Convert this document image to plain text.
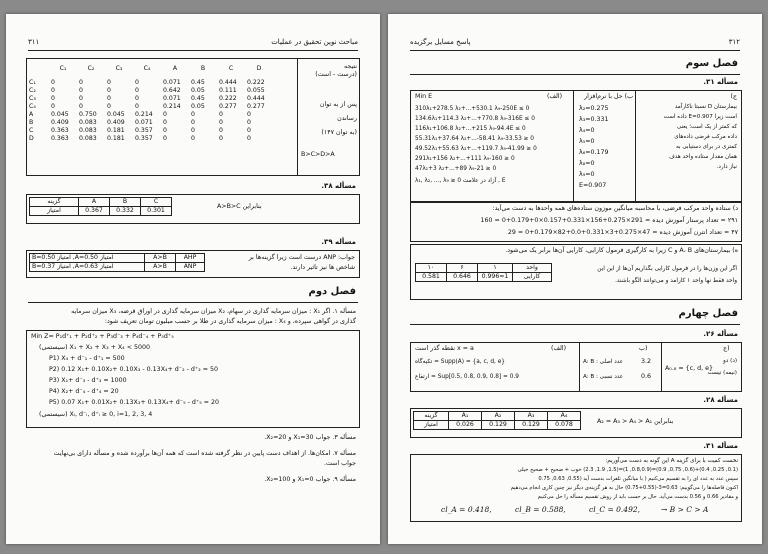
۳۱۱	مباحث نوین تحقیق در عملیات
	C₁	C₂	C₃	C₄	A	B	C	D

C₁	0	0	0	0	0.071	0.45	0.444	0.222
C₂	0	0	0	0	0.642	0.05	0.111	0.055
C₃	0	0	0	0	0.071	0.45	0.222	0.444
C₄	0	0	0	0	0.214	0.05	0.277	0.277
A	0.045	0.750	0.045	0.214	0	0	0	0
B	0.409	0.083	0.409	0.071	0	0	0	0
C	0.363	0.083	0.181	0.357	0	0	0	0
D	0.363	0.083	0.181	0.357	0	0	0	0
نتیجه
(درست - است)
پس از به توان
رساندن
(به توان ۱۴۷)
B>C>D>A
مسأله ۳۸.
گزینه	A	B	C
امتیاز	0.367	0.332	0.301
A>B>C بنابراین
مسأله ۳۹.
B=0.50 امتیاز ,A=0.50 امتیاز	A>B	AHP
B=0.37 امتیاز ,A=0.63 امتیاز	A>B	ANP
جواب: ANP درست است زیرا گزینه‌ها بر
شاخص ها نیز تاثیر دارند.
فصل دوم
مسأله ۱. اگر X₁ : میزان سرمایه گذاری در سهام، X₂ میزان سرمایه گذاری در اوراق قرضه، X₃ میزان سرمایه‌
گذاری در گواهی سپرده، و X₄ : میزان سرمایه گذاری در طلا بر حسب میلیون تومان تعریف شود:
Min Z= P₁d⁺₁ + P₂d⁺₂ + P₃d⁻₃ + P₄d⁻₄ + P₅d⁺₅
(سیستمی) X₁ + X₂ + X₃ + X₄ < 5000
P1) X₄ + d⁻₁ - d⁺₁ = 500
P2) 0.12 X₁+ 0.10X₂+ 0.10X₃ - 0.13X₄+ d⁻₂ - d⁺₂ = 50
P3) X₁+ d⁻₃ - d⁺₃ = 1000
P4) X₂+ d⁻₄ - d⁺₄ = 20
P5) 0.07 X₁+ 0.01X₂+ 0.13X₃+ 0.13X₄+ d⁻₅ - d⁺₅ = 20
(سیستمی) Xᵢ, d⁻ᵢ, d⁺ᵢ ≥ 0, i=1, 2, 3, 4
مسأله ۳. جواب X₁=30 و X₂=20.
مسأله ۷. امکان‌ها. از اهداف دست پایین در نظر گرفته شده است که همه آن‌ها برآورده شده و مسأله دارای بی‌نهایت
جواب است.
مسأله ۹. جواب X₁=0 و X₂=100.
پاسخ مسایل برگزیده	۳۱۲
فصل سوم
مسأله ۳۱.
Min E	(الف)
310λ₁+278.5 λ₂+...+530.1 λ₉-250E ≤ 0
134.6λ₁+114.3 λ₂+...+770.8 λ₉-316E ≤ 0
116λ₁+106.8 λ₂+...+215 λ₉-94.4E ≤ 0
55.31λ₁+37.64 λ₂+...-58.41 λ₉-33.53 ≥ 0
49.52λ₁+55.63 λ₂+...+119.7 λ₉-41.99 ≥ 0
291λ₁+156 λ₂+...+111 λ₉-160 ≥ 0
47λ₁+3 λ₂+...+89 λ₉-21 ≥ 0
λ₁, λ₂, ..., λ₉ ≥ 0 آزاد در علامت , E
ب) حل با نرم‌افزار
λ₂=0.275
λ₃=0.331
λ₄=0
λ₅=0
λ₆=0.179
λ₈=0
λ₉=0
E=0.907
ج)
بیمارستان D نسبتا ناکارآمد
است زیرا E=0.907 داده است
که کمتر از یک است؛ یعنی
داده مرکب فرضی داده‌های
کمتری در برای دستیابی به
همان مقدار ستاده واحد هدف
نیاز دارد.
د) ستاده واحد مرکب فرضی، با محاسبه میانگین موزون ستاده‌های همه واحدها به دست می‌آید:
۲۹۱ = تعداد پرستار آموزش دیده = 291×0.275+156×0.331+0.157×0+0.179+0 = 160
۴۷ = تعداد انترن آموزش دیده = 47×0.275+3×0.331+0.0+82×0.179+0 = 29
ه) بیمارستان‌های A، B و C زیرا به کارگیری فرمول کارایی، کارایی آن‌ها برابر یک می‌شود.
۱۰	۶	۱	واحد
0.581	0.646	0.996≈1	کارایی
اگر این وزن‌ها را در فرمول کارایی بگذاریم آن‌ها از این این
واحد فقط نها واحد ۱ کارامد و می‌توانند الگو باشند.
فصل چهارم
مسأله ۲۶.
نقطه گذر است x = a	(الف)
تکیه‌گاه = Supp(A) = {a, c, d, e}
ارتفاع = Sup[0.5, 0.8, 0.9, 0.8] = 0.9
ب)
A: B : عدد اصلی	3.2
A: B : عدد نسبی	0.6
ج)
A₀.₈ = {c, d, e}
(د) دو
(نیمه) نیست
مسأله ۲۸.
گزینه	A₁	A₂	A₃	A₄
امتیاز	0.026	0.129	0.129	0.078	A₂ = A₃ > A₄ > A₁ بنابراین
مسأله ۳۱.
نخست کمیت با برای گزینه A این گونه به دست می‌آوریم:
(0.1, 0.25, 0.4)+(0.6, 0.75, 0.9)=(0.8,0.9, 1)=(1.5, 1.9, 2.3) خوب + صحیح + صحیح خیلی
سپس عدد به عدد ای را به تقسیم می‌کنیم ( با میانگین تلفرات بدست آید (0.55, 0.63, 0.75
اکنون فاصله‌ها را می‌گوییم: 0.63=3-(0.55+0.75) حال به هر گزینه‌ی دیگر نیز چنین کاری انجام می‌دهیم
و مقادیر 0.66 و 0.56 بدست می‌آید. حال بر حسب باید از روش تقسیم مسأله را حل می‌کنیم
cl_A = 0.418,	cl_B = 0.588,	cl_C = 0.492,	→ B > C > A
